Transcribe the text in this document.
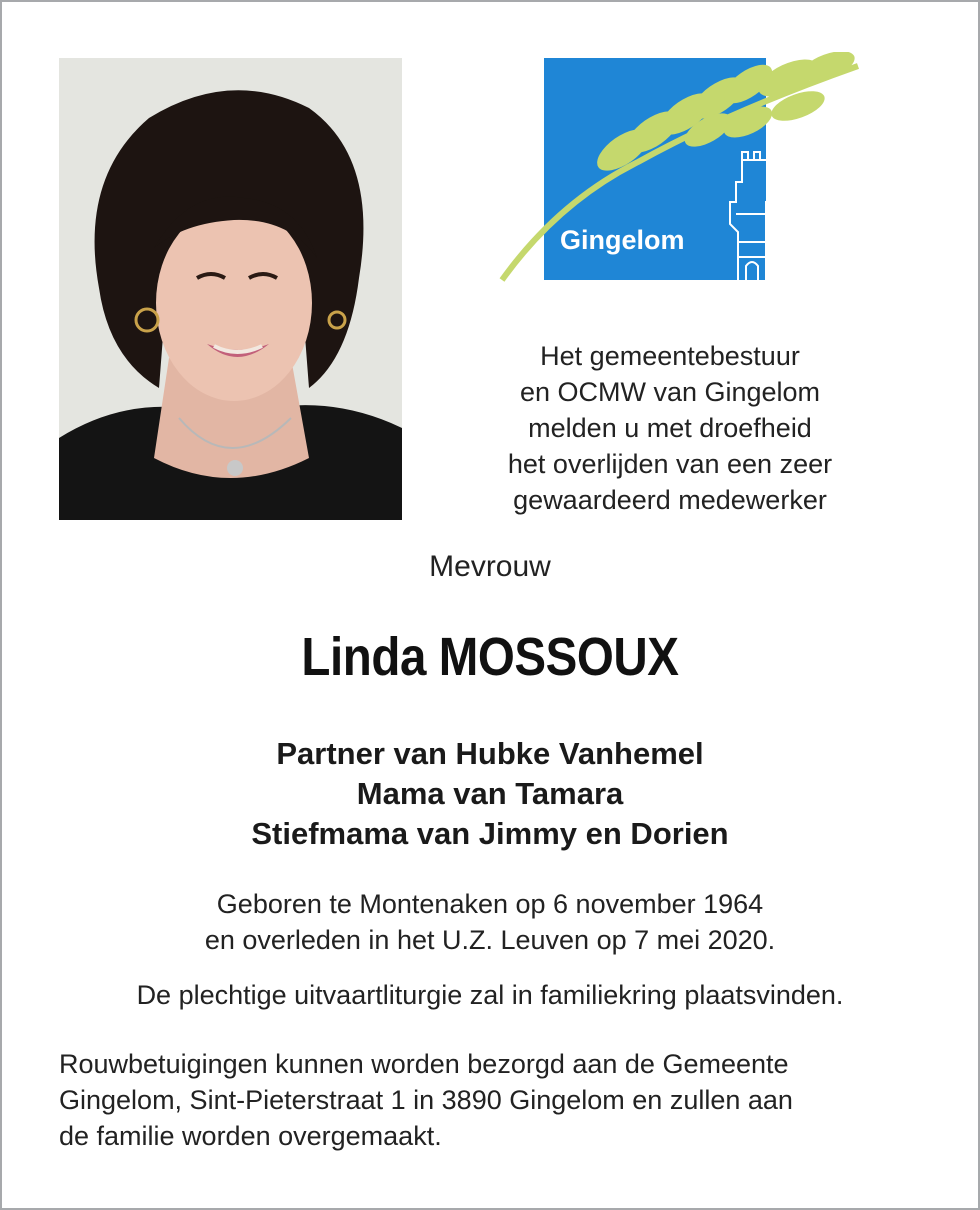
Gingelom
Het gemeentebestuur
en OCMW van Gingelom
melden u met droefheid
het overlijden van een zeer
gewaardeerd medewerker
Mevrouw
Linda MOSSOUX
Partner van Hubke Vanhemel
Mama van Tamara
Stiefmama van Jimmy en Dorien
Geboren te Montenaken op 6 november 1964
en overleden in het U.Z. Leuven op 7 mei 2020.
De plechtige uitvaartliturgie zal in familiekring plaatsvinden.
Rouwbetuigingen kunnen worden bezorgd aan de Gemeente
Gingelom, Sint-Pieterstraat 1 in 3890 Gingelom en zullen aan
de familie worden overgemaakt.
